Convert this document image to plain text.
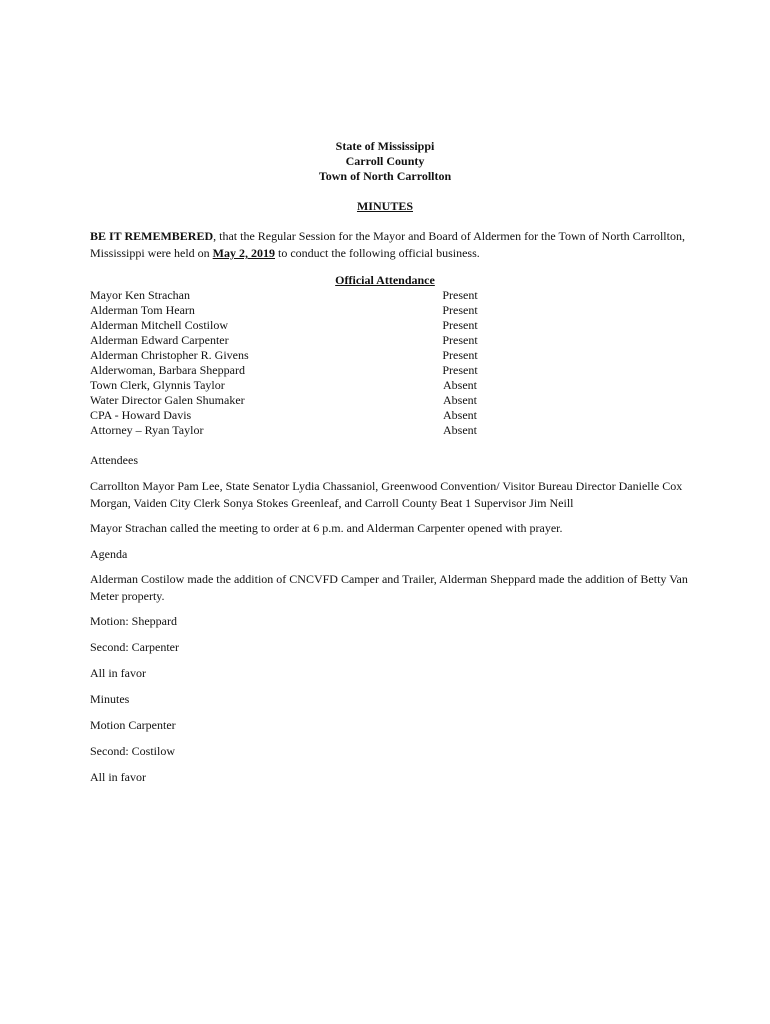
State of Mississippi
Carroll County
Town of North Carrollton
MINUTES
BE IT REMEMBERED, that the Regular Session for the Mayor and Board of Aldermen for the Town of North Carrollton, Mississippi were held on May 2, 2019 to conduct the following official business.
Official Attendance
Mayor Ken Strachan	Present
Alderman Tom Hearn	Present
Alderman Mitchell Costilow	Present
Alderman Edward Carpenter	Present
Alderman Christopher R. Givens	Present
Alderwoman, Barbara Sheppard	Present
Town Clerk, Glynnis Taylor	Absent
Water Director Galen Shumaker	Absent
CPA - Howard Davis	Absent
Attorney – Ryan Taylor	Absent
Attendees
Carrollton Mayor Pam Lee, State Senator Lydia Chassaniol, Greenwood Convention/ Visitor Bureau Director Danielle Cox Morgan, Vaiden City Clerk Sonya Stokes Greenleaf, and Carroll County Beat 1 Supervisor Jim Neill
Mayor Strachan called the meeting to order at 6 p.m. and Alderman Carpenter opened with prayer.
Agenda
Alderman Costilow made the addition of CNCVFD Camper and Trailer, Alderman Sheppard made the addition of Betty Van Meter property.
Motion: Sheppard
Second: Carpenter
All in favor
Minutes
Motion Carpenter
Second: Costilow
All in favor
